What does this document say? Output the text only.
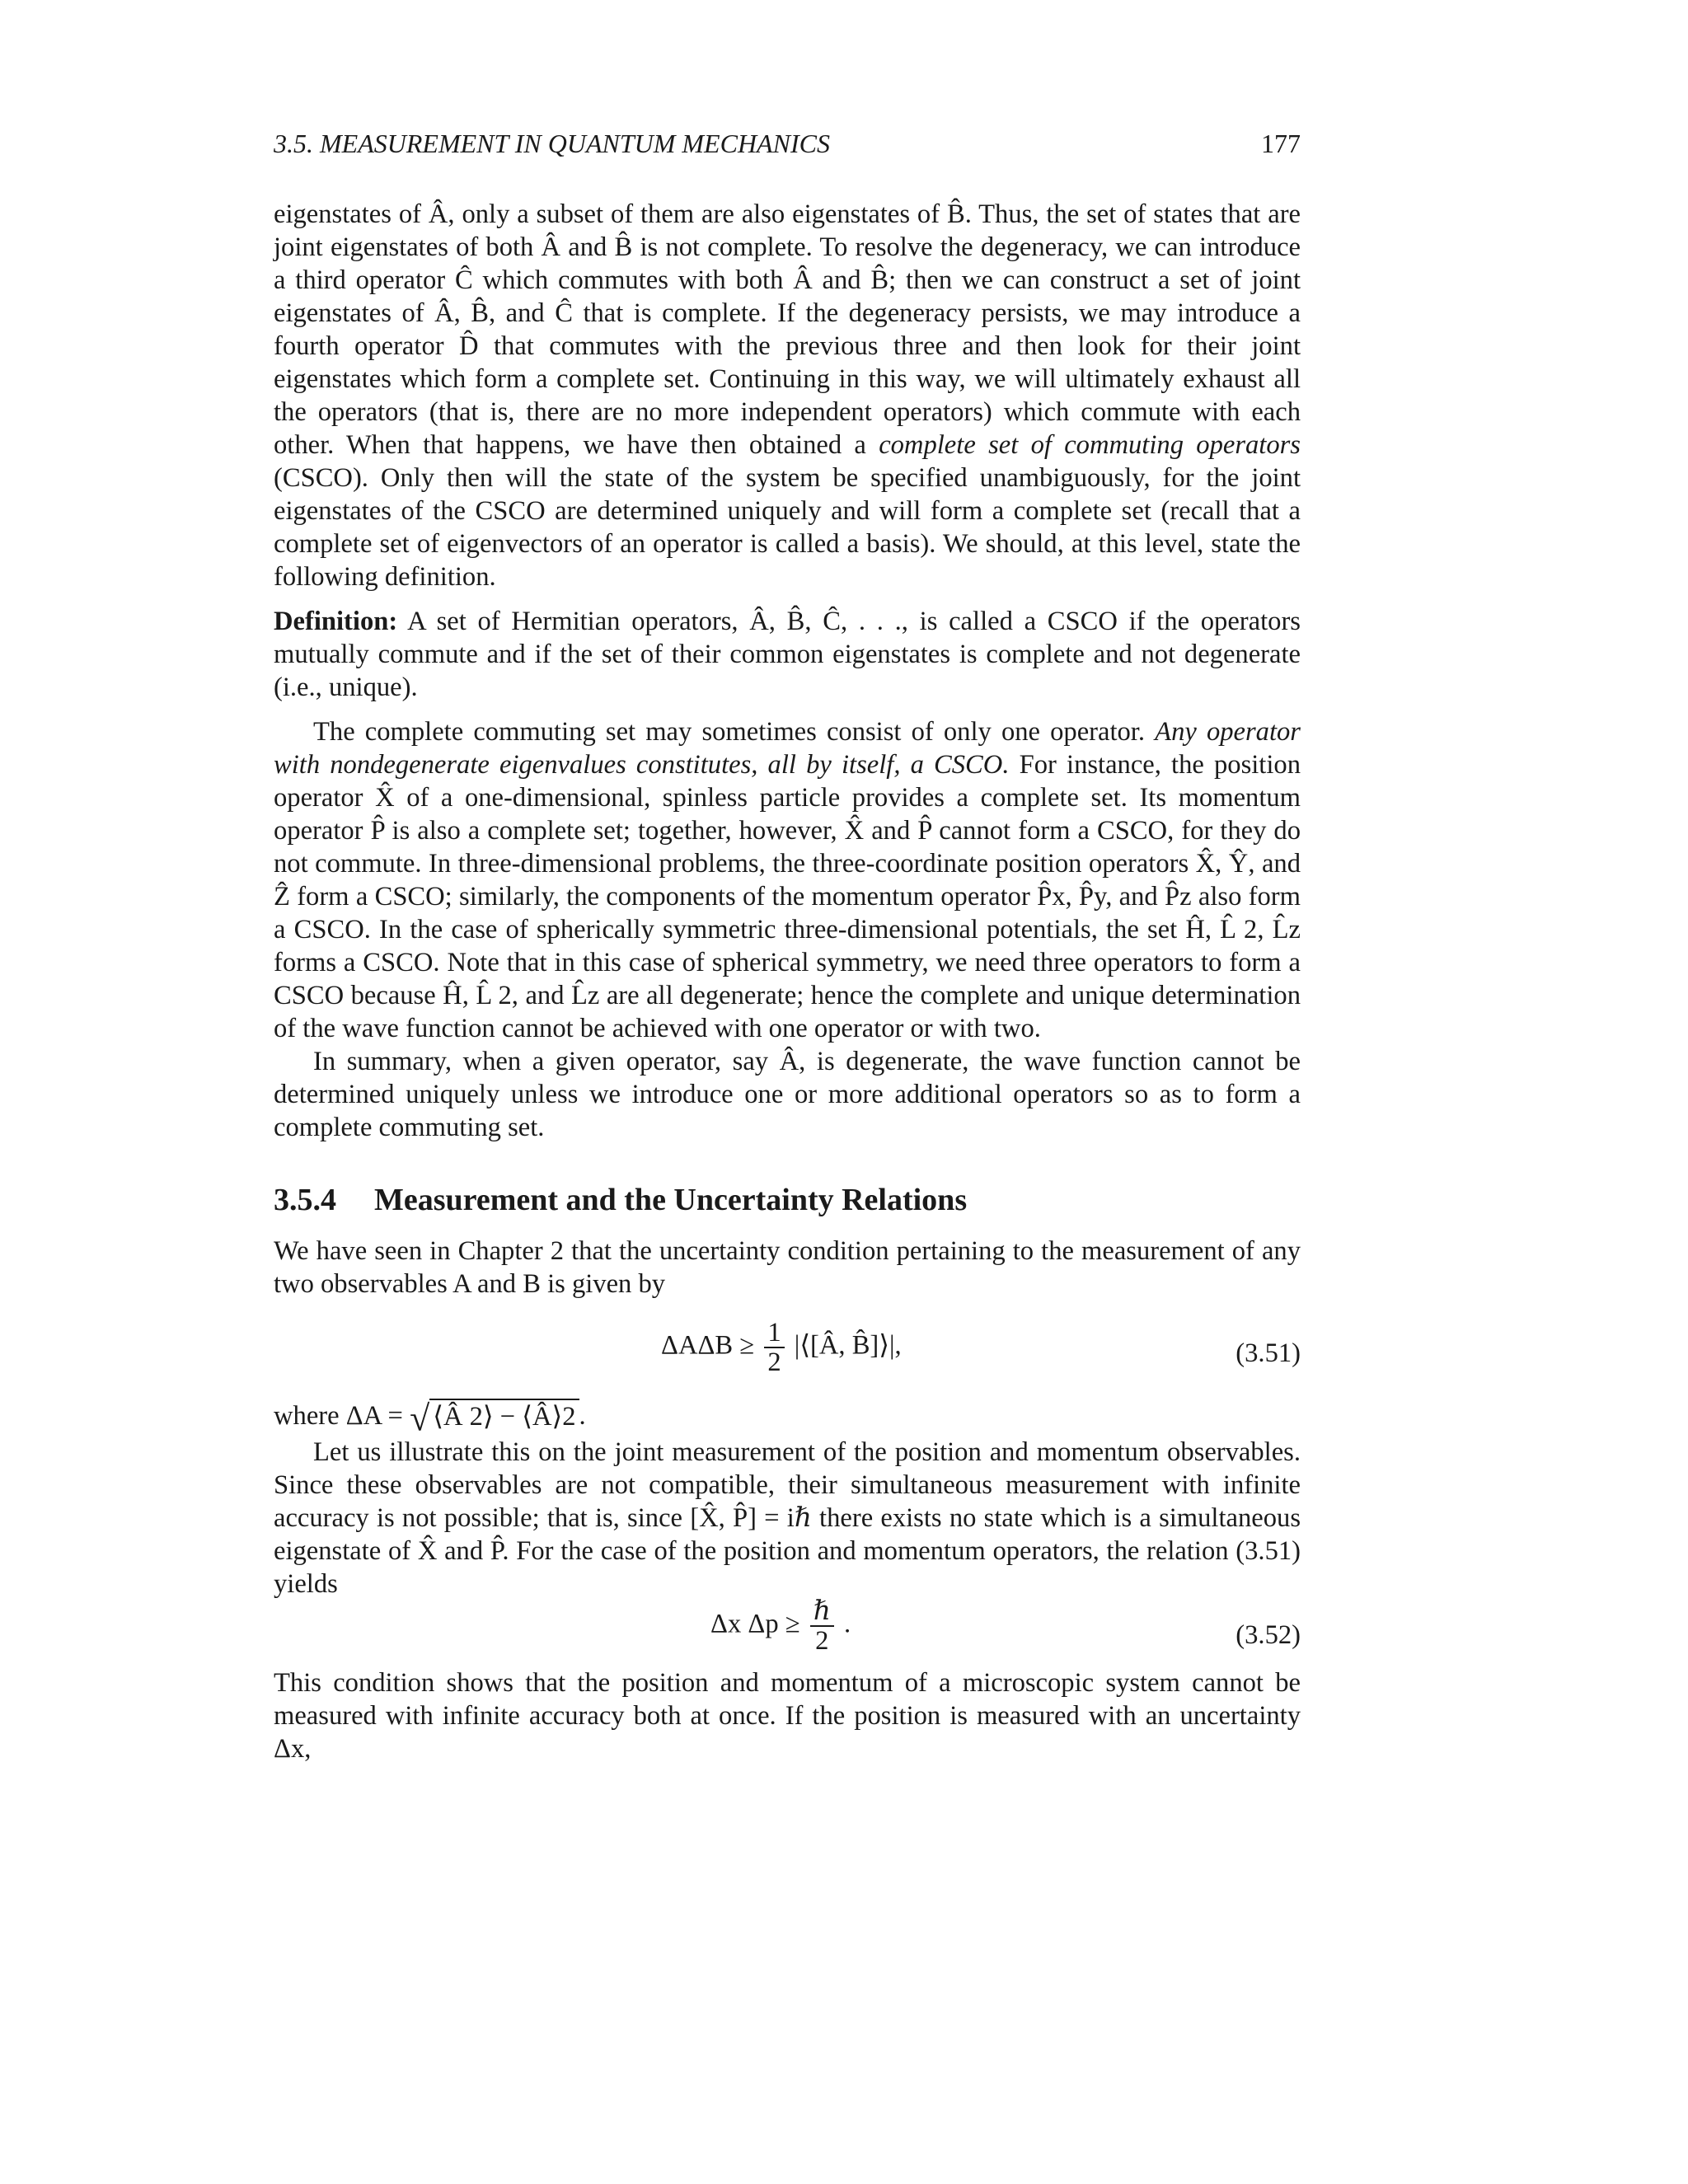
3.5. MEASUREMENT IN QUANTUM MECHANICS	177

eigenstates of Â, only a subset of them are also eigenstates of B̂. Thus, the set of states that are joint eigenstates of both Â and B̂ is not complete. To resolve the degeneracy, we can introduce a third operator Ĉ which commutes with both Â and B̂; then we can construct a set of joint eigenstates of Â, B̂, and Ĉ that is complete. If the degeneracy persists, we may introduce a fourth operator D̂ that commutes with the previous three and then look for their joint eigenstates which form a complete set. Continuing in this way, we will ultimately exhaust all the operators (that is, there are no more independent operators) which commute with each other. When that happens, we have then obtained a complete set of commuting operators (CSCO). Only then will the state of the system be specified unambiguously, for the joint eigenstates of the CSCO are determined uniquely and will form a complete set (recall that a complete set of eigenvectors of an operator is called a basis). We should, at this level, state the following definition.

Definition: A set of Hermitian operators, Â, B̂, Ĉ, . . ., is called a CSCO if the operators mutually commute and if the set of their common eigenstates is complete and not degenerate (i.e., unique).

The complete commuting set may sometimes consist of only one operator. Any operator with nondegenerate eigenvalues constitutes, all by itself, a CSCO. For instance, the position operator X̂ of a one-dimensional, spinless particle provides a complete set. Its momentum operator P̂ is also a complete set; together, however, X̂ and P̂ cannot form a CSCO, for they do not commute. In three-dimensional problems, the three-coordinate position operators X̂, Ŷ, and Ẑ form a CSCO; similarly, the components of the momentum operator P̂x, P̂y, and P̂z also form a CSCO. In the case of spherically symmetric three-dimensional potentials, the set Ĥ, L̂ 2, L̂z forms a CSCO. Note that in this case of spherical symmetry, we need three operators to form a CSCO because Ĥ, L̂ 2, and L̂z are all degenerate; hence the complete and unique determination of the wave function cannot be achieved with one operator or with two.

In summary, when a given operator, say Â, is degenerate, the wave function cannot be determined uniquely unless we introduce one or more additional operators so as to form a complete commuting set.

3.5.4 Measurement and the Uncertainty Relations

We have seen in Chapter 2 that the uncertainty condition pertaining to the measurement of any two observables A and B is given by

$\Delta A\Delta B \ge \frac{1}{2}$ |⟨[Â, B̂]⟩|,	(3.51)

where ΔA = √ ⟨Â 2⟩ − ⟨Â⟩2 .

Let us illustrate this on the joint measurement of the position and momentum observables. Since these observables are not compatible, their simultaneous measurement with infinite accuracy is not possible; that is, since [X̂, P̂] = iℏ there exists no state which is a simultaneous eigenstate of X̂ and P̂. For the case of the position and momentum operators, the relation (3.51) yields

Δx $\Delta p \ge \frac{\text{ℏ}}{2}$ .	(3.52)

This condition shows that the position and momentum of a microscopic system cannot be measured with infinite accuracy both at once. If the position is measured with an uncertainty Δx,
